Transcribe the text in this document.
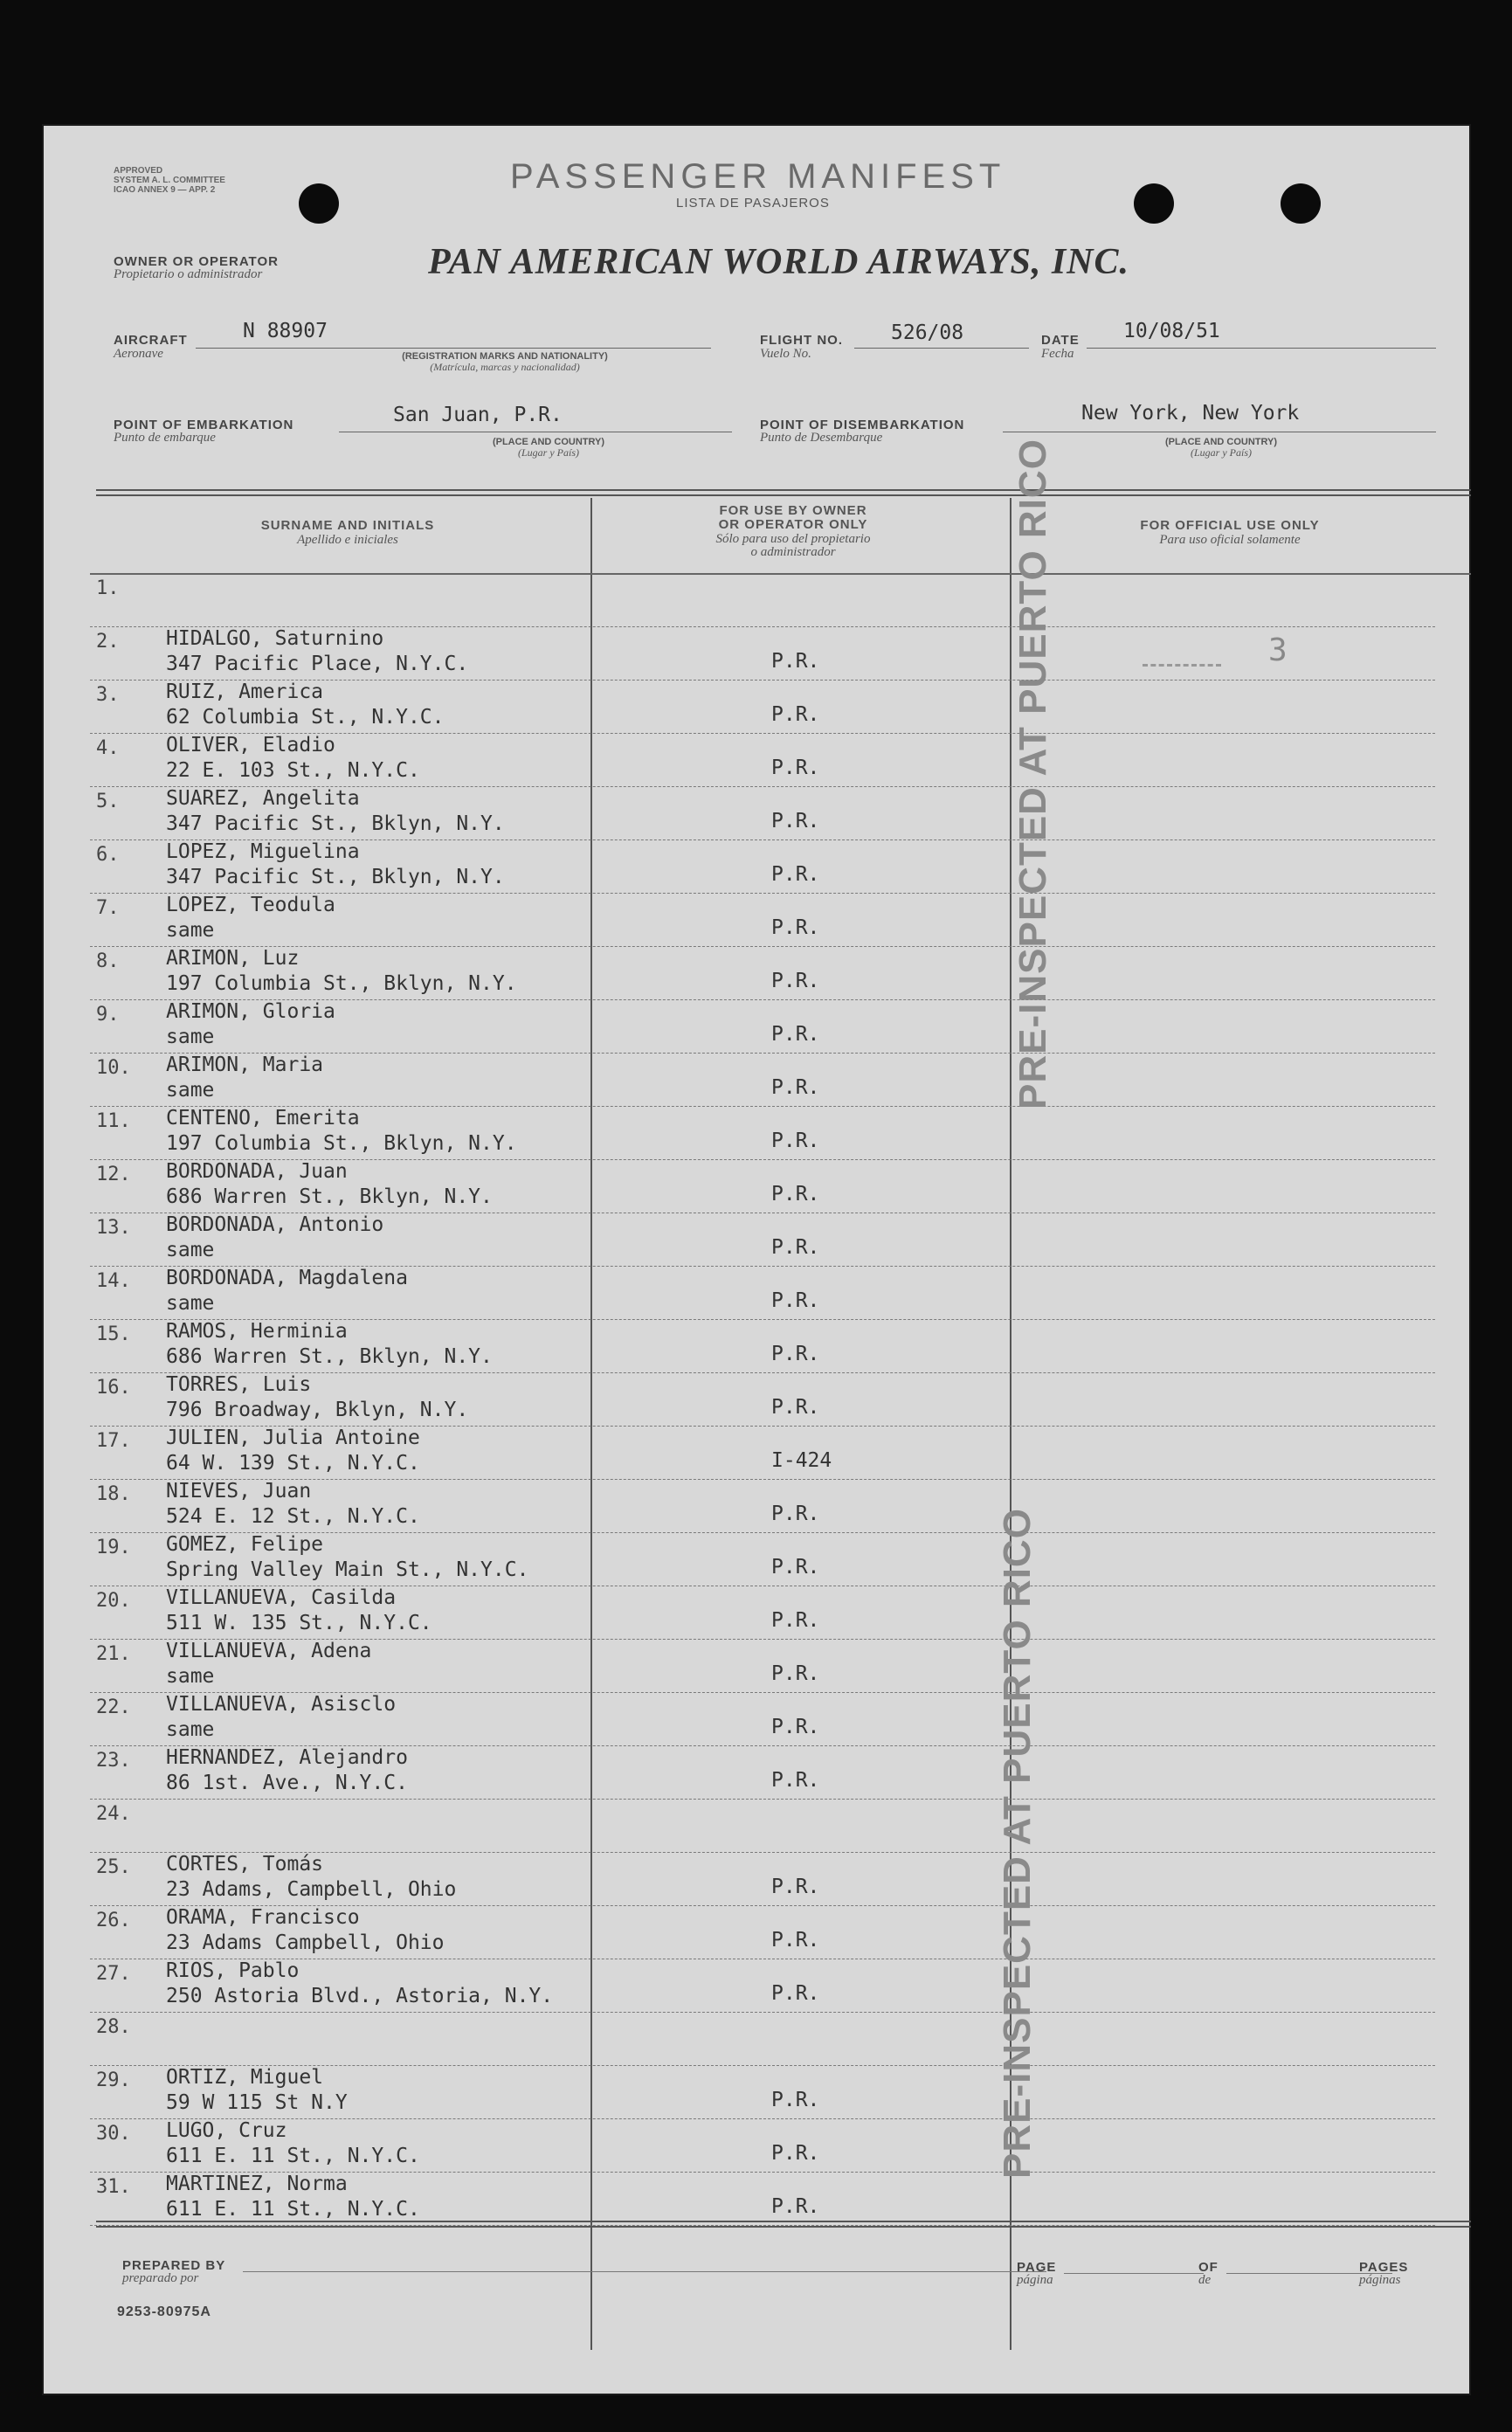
APPROVED
SYSTEM A. L. COMMITTEE
ICAO ANNEX 9 — APP. 2	PASSENGER MANIFEST
LISTA DE PASAJEROS
OWNER OR OPERATOR
Propietario o administrador	PAN AMERICAN WORLD AIRWAYS, INC.
AIRCRAFT
Aeronave
N 88907
(REGISTRATION MARKS AND NATIONALITY)
(Matrícula, marcas y nacionalidad)
FLIGHT NO.
Vuelo No.
526/08	DATE
Fecha
10/08/51
POINT OF EMBARKATION
Punto de embarque
San Juan, P.R.
(PLACE AND COUNTRY)
(Lugar y País)
POINT OF DISEMBARKATION
Punto de Desembarque
New York, New York
(PLACE AND COUNTRY)
(Lugar y País)
SURNAME AND INITIALS
Apellido e iniciales
FOR USE BY OWNER
OR OPERATOR ONLY
Sólo para uso del propietario
o administrador
FOR OFFICIAL USE ONLY
Para uso oficial solamente
1.
2. HIDALGO, Saturnino
347 Pacific Place, N.Y.C.	P.R.
3. RUIZ, America
62 Columbia St., N.Y.C.	P.R.
4. OLIVER, Eladio
22 E. 103 St., N.Y.C.	P.R.
5. SUAREZ, Angelita
347 Pacific St., Bklyn, N.Y.	P.R.
6. LOPEZ, Miguelina
347 Pacific St., Bklyn, N.Y.	P.R.
7. LOPEZ, Teodula
same	P.R.
8. ARIMON, Luz
197 Columbia St., Bklyn, N.Y.	P.R.
9. ARIMON, Gloria
same	P.R.
10. ARIMON, Maria
same	P.R.
11. CENTENO, Emerita
197 Columbia St., Bklyn, N.Y.	P.R.
12. BORDONADA, Juan
686 Warren St., Bklyn, N.Y.	P.R.
13. BORDONADA, Antonio
same	P.R.
14. BORDONADA, Magdalena
same	P.R.
15. RAMOS, Herminia
686 Warren St., Bklyn, N.Y.	P.R.
16. TORRES, Luis
796 Broadway, Bklyn, N.Y.	P.R.
17. JULIEN, Julia Antoine
64 W. 139 St., N.Y.C.	I-424
18. NIEVES, Juan
524 E. 12 St., N.Y.C.	P.R.
19. GOMEZ, Felipe
Spring Valley Main St., N.Y.C.	P.R.
20. VILLANUEVA, Casilda
511 W. 135 St., N.Y.C.	P.R.
21. VILLANUEVA, Adena
same	P.R.
22. VILLANUEVA, Asisclo
same	P.R.
23. HERNANDEZ, Alejandro
86 1st. Ave., N.Y.C.	P.R.
24.
25. CORTES, Tomás
23 Adams, Campbell, Ohio	P.R.
26. ORAMA, Francisco
23 Adams Campbell, Ohio	P.R.
27. RIOS, Pablo
250 Astoria Blvd., Astoria, N.Y.	P.R.
28.
29. ORTIZ, Miguel
59 W 115 St N.Y	P.R.
30. LUGO, Cruz
611 E. 11 St., N.Y.C.	P.R.
31. MARTINEZ, Norma
611 E. 11 St., N.Y.C.	P.R.
3
PRE-INSPECTED AT PUERTO RICO
PRE-INSPECTED AT PUERTO RICO
PREPARED BY
preparado por
PAGE
página
OF
de
PAGES
páginas
9253-80975A
